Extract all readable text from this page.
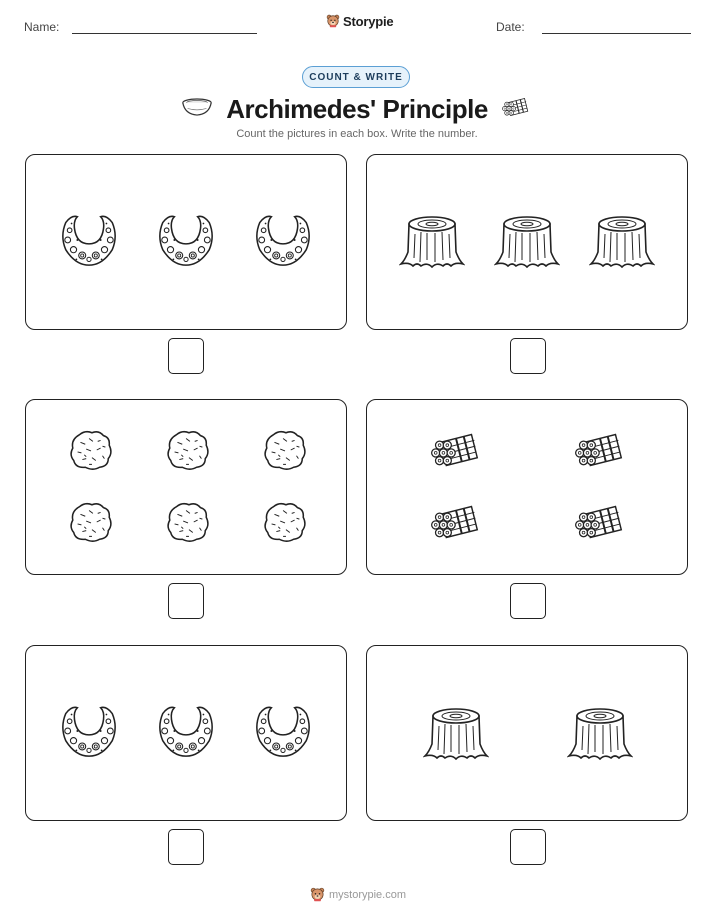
Name:	Storypie	Date:
COUNT & WRITE
Archimedes' Principle
Count the pictures in each box. Write the number.
mystorypie.com
